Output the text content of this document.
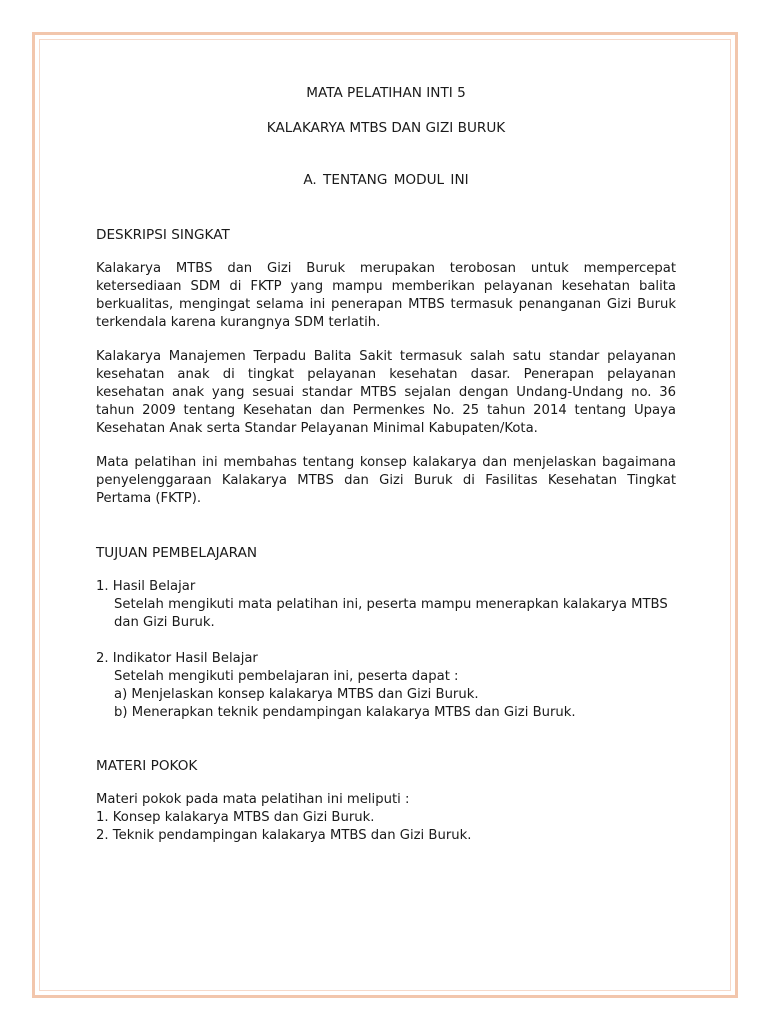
MATA PELATIHAN INTI 5

KALAKARYA MTBS DAN GIZI BURUK

A. TENTANG MODUL INI

DESKRIPSI SINGKAT

Kalakarya MTBS dan Gizi Buruk merupakan terobosan untuk mempercepat ketersediaan SDM di FKTP yang mampu memberikan pelayanan kesehatan balita berkualitas, mengingat selama ini penerapan MTBS termasuk penanganan Gizi Buruk terkendala karena kurangnya SDM terlatih.

Kalakarya Manajemen Terpadu Balita Sakit termasuk salah satu standar pelayanan kesehatan anak di tingkat pelayanan kesehatan dasar. Penerapan pelayanan kesehatan anak yang sesuai standar MTBS sejalan dengan Undang-Undang no. 36 tahun 2009 tentang Kesehatan dan Permenkes No. 25 tahun 2014 tentang Upaya Kesehatan Anak serta Standar Pelayanan Minimal Kabupaten/Kota.

Mata pelatihan ini membahas tentang konsep kalakarya dan menjelaskan bagaimana penyelenggaraan Kalakarya MTBS dan Gizi Buruk di Fasilitas Kesehatan Tingkat Pertama (FKTP).

TUJUAN PEMBELAJARAN

1. Hasil Belajar

Setelah mengikuti mata pelatihan ini, peserta mampu menerapkan kalakarya MTBS dan Gizi Buruk.

2. Indikator Hasil Belajar

Setelah mengikuti pembelajaran ini, peserta dapat :

a) Menjelaskan konsep kalakarya MTBS dan Gizi Buruk.

b) Menerapkan teknik pendampingan kalakarya MTBS dan Gizi Buruk.

MATERI POKOK

Materi pokok pada mata pelatihan ini meliputi :

1. Konsep kalakarya MTBS dan Gizi Buruk.

2. Teknik pendampingan kalakarya MTBS dan Gizi Buruk.
